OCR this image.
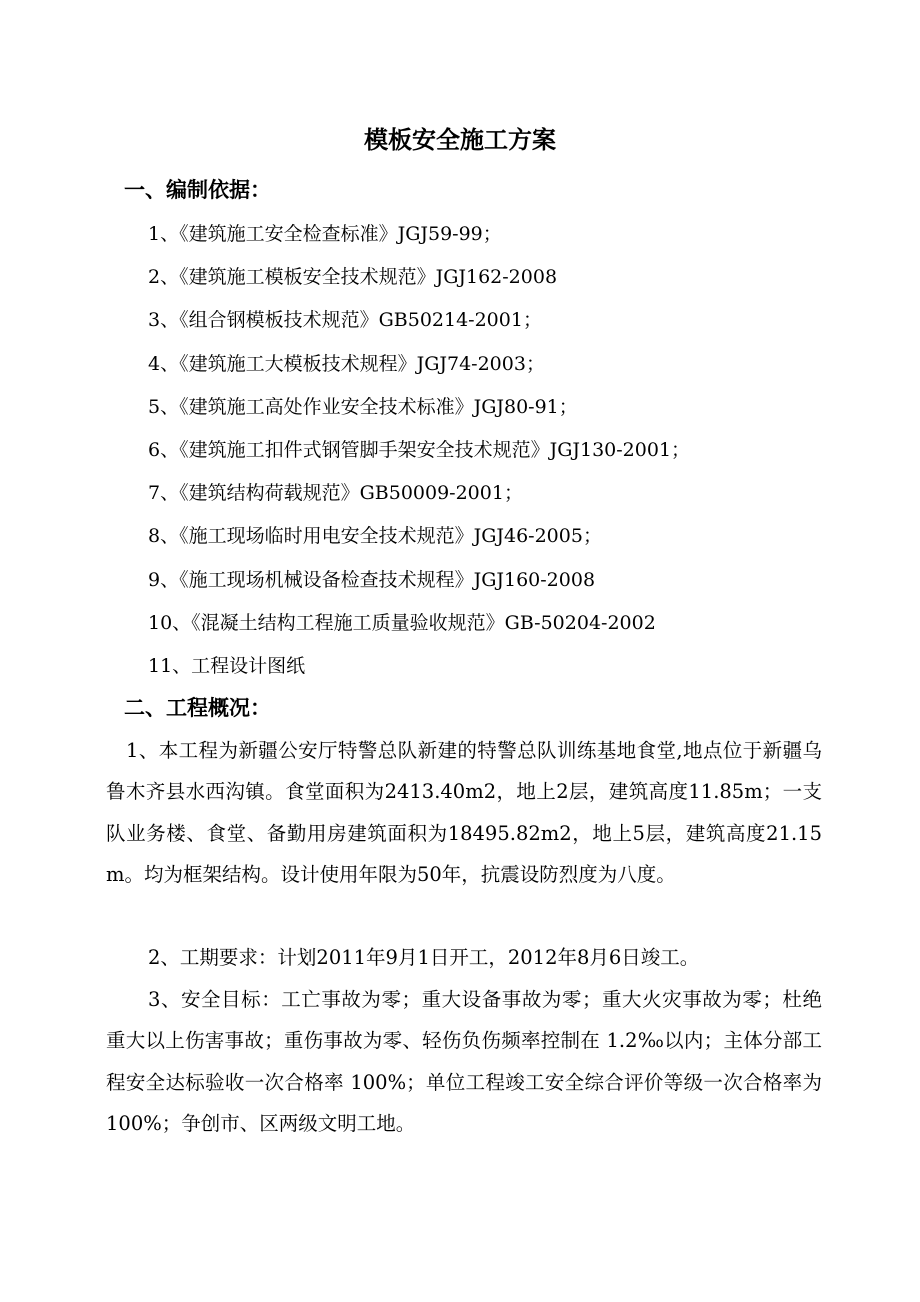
模板安全施工方案
一、编制依据：
1、《建筑施工安全检查标准》JGJ59-99；
2、《建筑施工模板安全技术规范》JGJ162-2008
3、《组合钢模板技术规范》GB50214-2001；
4、《建筑施工大模板技术规程》JGJ74-2003；
5、《建筑施工高处作业安全技术标准》JGJ80-91；
6、《建筑施工扣件式钢管脚手架安全技术规范》JGJ130-2001；
7、《建筑结构荷载规范》GB50009-2001；
8、《施工现场临时用电安全技术规范》JGJ46-2005；
9、《施工现场机械设备检查技术规程》JGJ160-2008
10、《混凝土结构工程施工质量验收规范》GB-50204-2002
11、工程设计图纸
二、工程概况：

1、本工程为新疆公安厅特警总队新建的特警总队训练基地食堂,地点位于新疆乌鲁木齐县水西沟镇。食堂面积为2413.40m2，地上2层，建筑高度11.85m；一支队业务楼、食堂、备勤用房建筑面积为18495.82m2，地上5层，建筑高度21.15m。均为框架结构。设计使用年限为50年，抗震设防烈度为八度。

2、工期要求：计划2011年9月1日开工，2012年8月6日竣工。

3、安全目标：工亡事故为零；重大设备事故为零；重大火灾事故为零；杜绝重大以上伤害事故；重伤事故为零、轻伤负伤频率控制在 1.2‰以内；主体分部工程安全达标验收一次合格率 100%；单位工程竣工安全综合评价等级一次合格率为 100%；争创市、区两级文明工地。
